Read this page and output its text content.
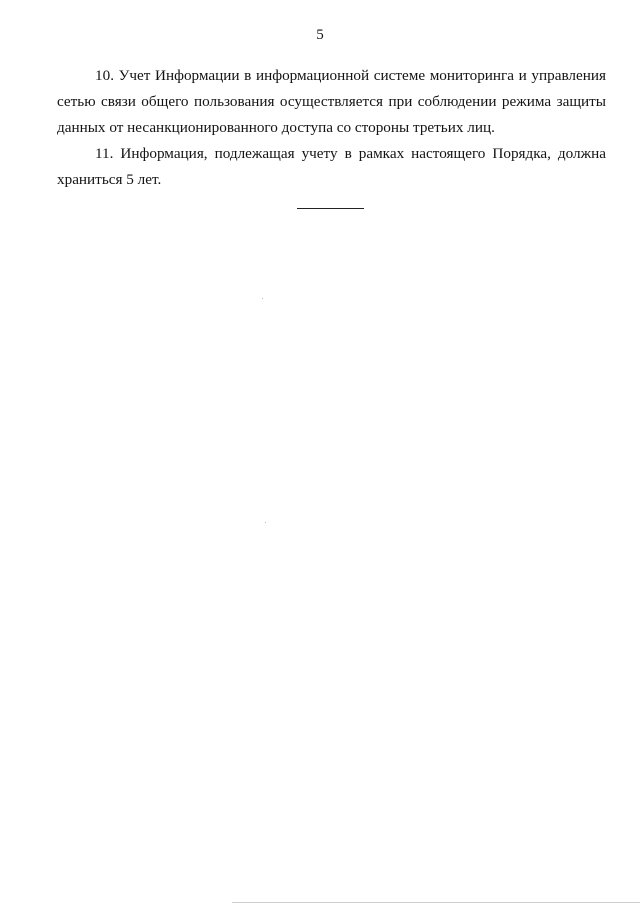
5
10. Учет Информации в информационной системе мониторинга и управления
сетью связи общего пользования осуществляется при соблюдении режима защиты
данных от несанкционированного доступа со стороны третьих лиц.
11. Информация, подлежащая учету в рамках настоящего Порядка, должна
храниться 5 лет.
